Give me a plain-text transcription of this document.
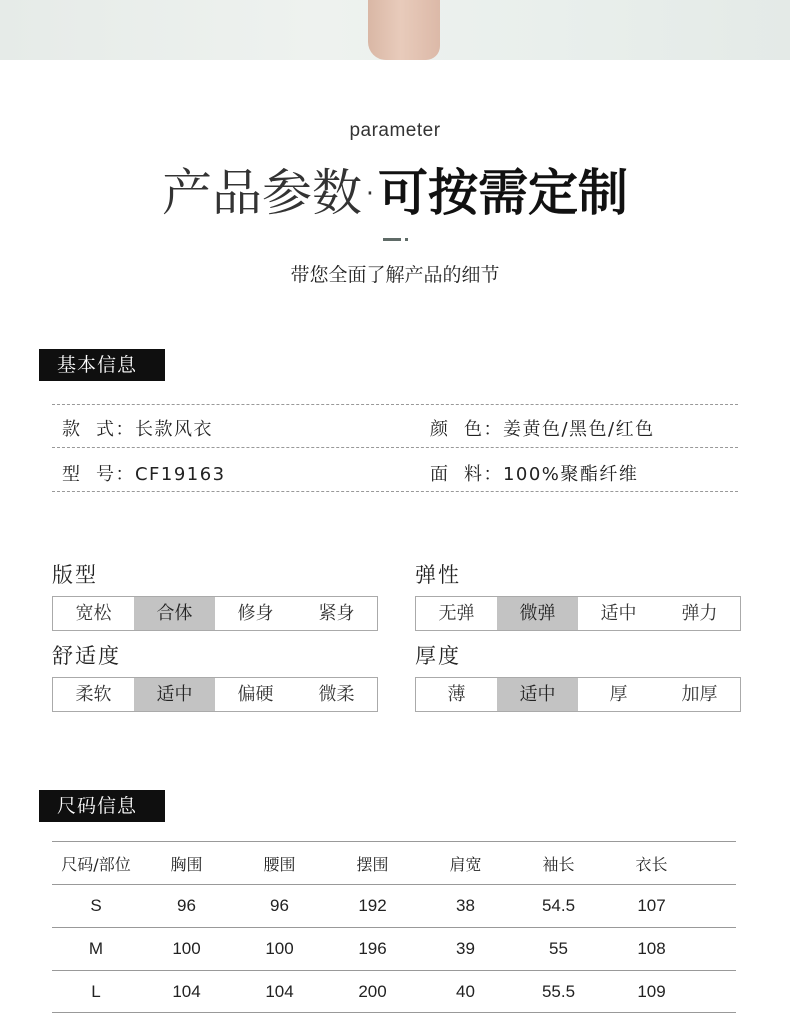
parameter
产品参数·可按需定制
带您全面了解产品的细节
基本信息
款  式：长款风衣	颜  色：姜黄色/黑色/红色
型  号：CF19163	面  料：100%聚酯纤维
版型
宽松	合体	修身	紧身
弹性
无弹	微弹	适中	弹力
舒适度
柔软	适中	偏硬	微柔
厚度
薄	适中	厚	加厚
尺码信息
尺码/部位	胸围	腰围	摆围	肩宽	袖长	衣长
S	96	96	192	38	54.5	107
M	100	100	196	39	55	108
L	104	104	200	40	55.5	109
